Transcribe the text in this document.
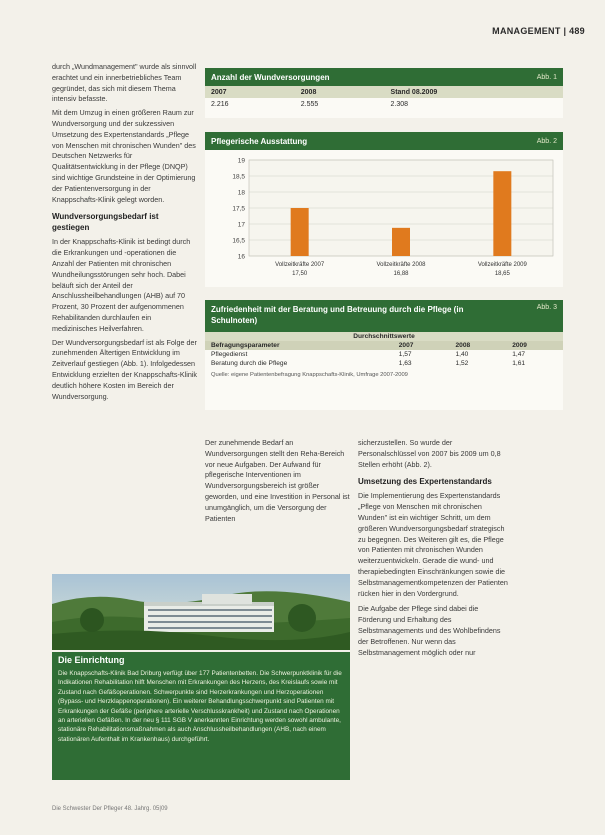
MANAGEMENT | 489

durch „Wundmanagement" wurde als sinnvoll erachtet und ein innerbetriebliches Team gegründet, das sich mit diesem Thema intensiv befasste.

Mit dem Umzug in einen größeren Raum zur Wundversorgung und der sukzessiven Umsetzung des Expertenstandards „Pflege von Menschen mit chronischen Wunden" des Deutschen Netzwerks für Qualitätsentwicklung in der Pflege (DNQP) sind wichtige Grundsteine in der Optimierung der Patientenversorgung in der Knappschafts-Klinik gelegt worden.

Wundversorgungsbedarf ist gestiegen

In der Knappschafts-Klinik ist bedingt durch die Erkrankungen und -operationen die Anzahl der Patienten mit chronischen Wundheilungsstörungen sehr hoch. Dabei beläuft sich der Anteil der Anschlussheilbehandlungen (AHB) auf 70 Prozent, 30 Prozent der aufgenommenen Rehabilitanden durchlaufen ein medizinisches Heilverfahren.

Der Wundversorgungsbedarf ist als Folge der zunehmenden Ältertigen Entwicklung im Zeitverlauf gestiegen (Abb. 1). Infolgedessen Entwicklung erzielten der Knappschafts-Klinik deutlich höhere Kosten im Bereich der Wundversorgung.

Anzahl der Wundversorgungen	Abb. 1
2007	2008	Stand 08.2009
2.216	2.555	2.308
Pflegerische Ausstattung	Abb. 2
19
18,5
18
17,5
17
16,5
16
Vollzeitkräfte 2007
17,50
Vollzeitkräfte 2008
16,88
Vollzeitkräfte 2009
18,65
Zufriedenheit mit der Beratung und Betreuung durch die Pflege (in Schulnoten)
Abb. 3
Durchschnittswerte			
Befragungsparameter	2007	2008	2009
Pflegedienst	1,57	1,40	1,47
Beratung durch die Pflege	1,63	1,52	1,61
Quelle: eigene Patientenbefragung Knappschafts-Klinik, Umfrage 2007-2009			

Der zunehmende Bedarf an Wundversorgungen stellt den Reha-Bereich vor neue Aufgaben. Der Aufwand für pflegerische Interventionen im Wundversorgungsbereich ist größer geworden, und eine Investition in Personal ist unumgänglich, um die Versorgung der Patienten

sicherzustellen. So wurde der Personalschlüssel von 2007 bis 2009 um 0,8 Stellen erhöht (Abb. 2).

Umsetzung des Expertenstandards

Die Implementierung des Expertenstandards „Pflege von Menschen mit chronischen Wunden" ist ein wichtiger Schritt, um dem größeren Wundversorgungsbedarf strategisch zu begegnen. Des Weiteren gilt es, die Pflege von Patienten mit chronischen Wunden weiterzuentwickeln. Gerade die wund- und therapiebedingten Einschränkungen sowie die Selbstmanagementkompetenzen der Patienten rücken hier in den Vordergrund.

Die Aufgabe der Pflege sind dabei die Förderung und Erhaltung des Selbstmanagements und des Wohlbefindens der Betroffenen. Nur wenn das Selbstmanagement möglich oder nur

Die Einrichtung
Die Knappschafts-Klinik Bad Driburg verfügt über 177 Patientenbetten. Die Schwerpunktklinik für die Indikationen Rehabilitation hilft Menschen mit Erkrankungen des Herzens, des Kreislaufs sowie mit Zustand nach Gefäßoperationen. Schwerpunkte sind Herzerkrankungen und Herzoperationen (Bypass- und Herzklappenoperationen). Ein weiterer Behandlungsschwerpunkt sind Patienten mit Erkrankungen der Gefäße (periphere arterielle Verschlusskrankheit) und Zustand nach Operationen an arteriellen Gefäßen. In der neu § 111 SGB V anerkannten Einrichtung werden sowohl ambulante, stationäre Rehabilitationsmaßnahmen als auch Anschlussheilbehandlungen (AHB, nach einem stationären Aufenthalt im Krankenhaus) durchgeführt.
Die Schwester Der Pfleger 48. Jahrg. 05|09
